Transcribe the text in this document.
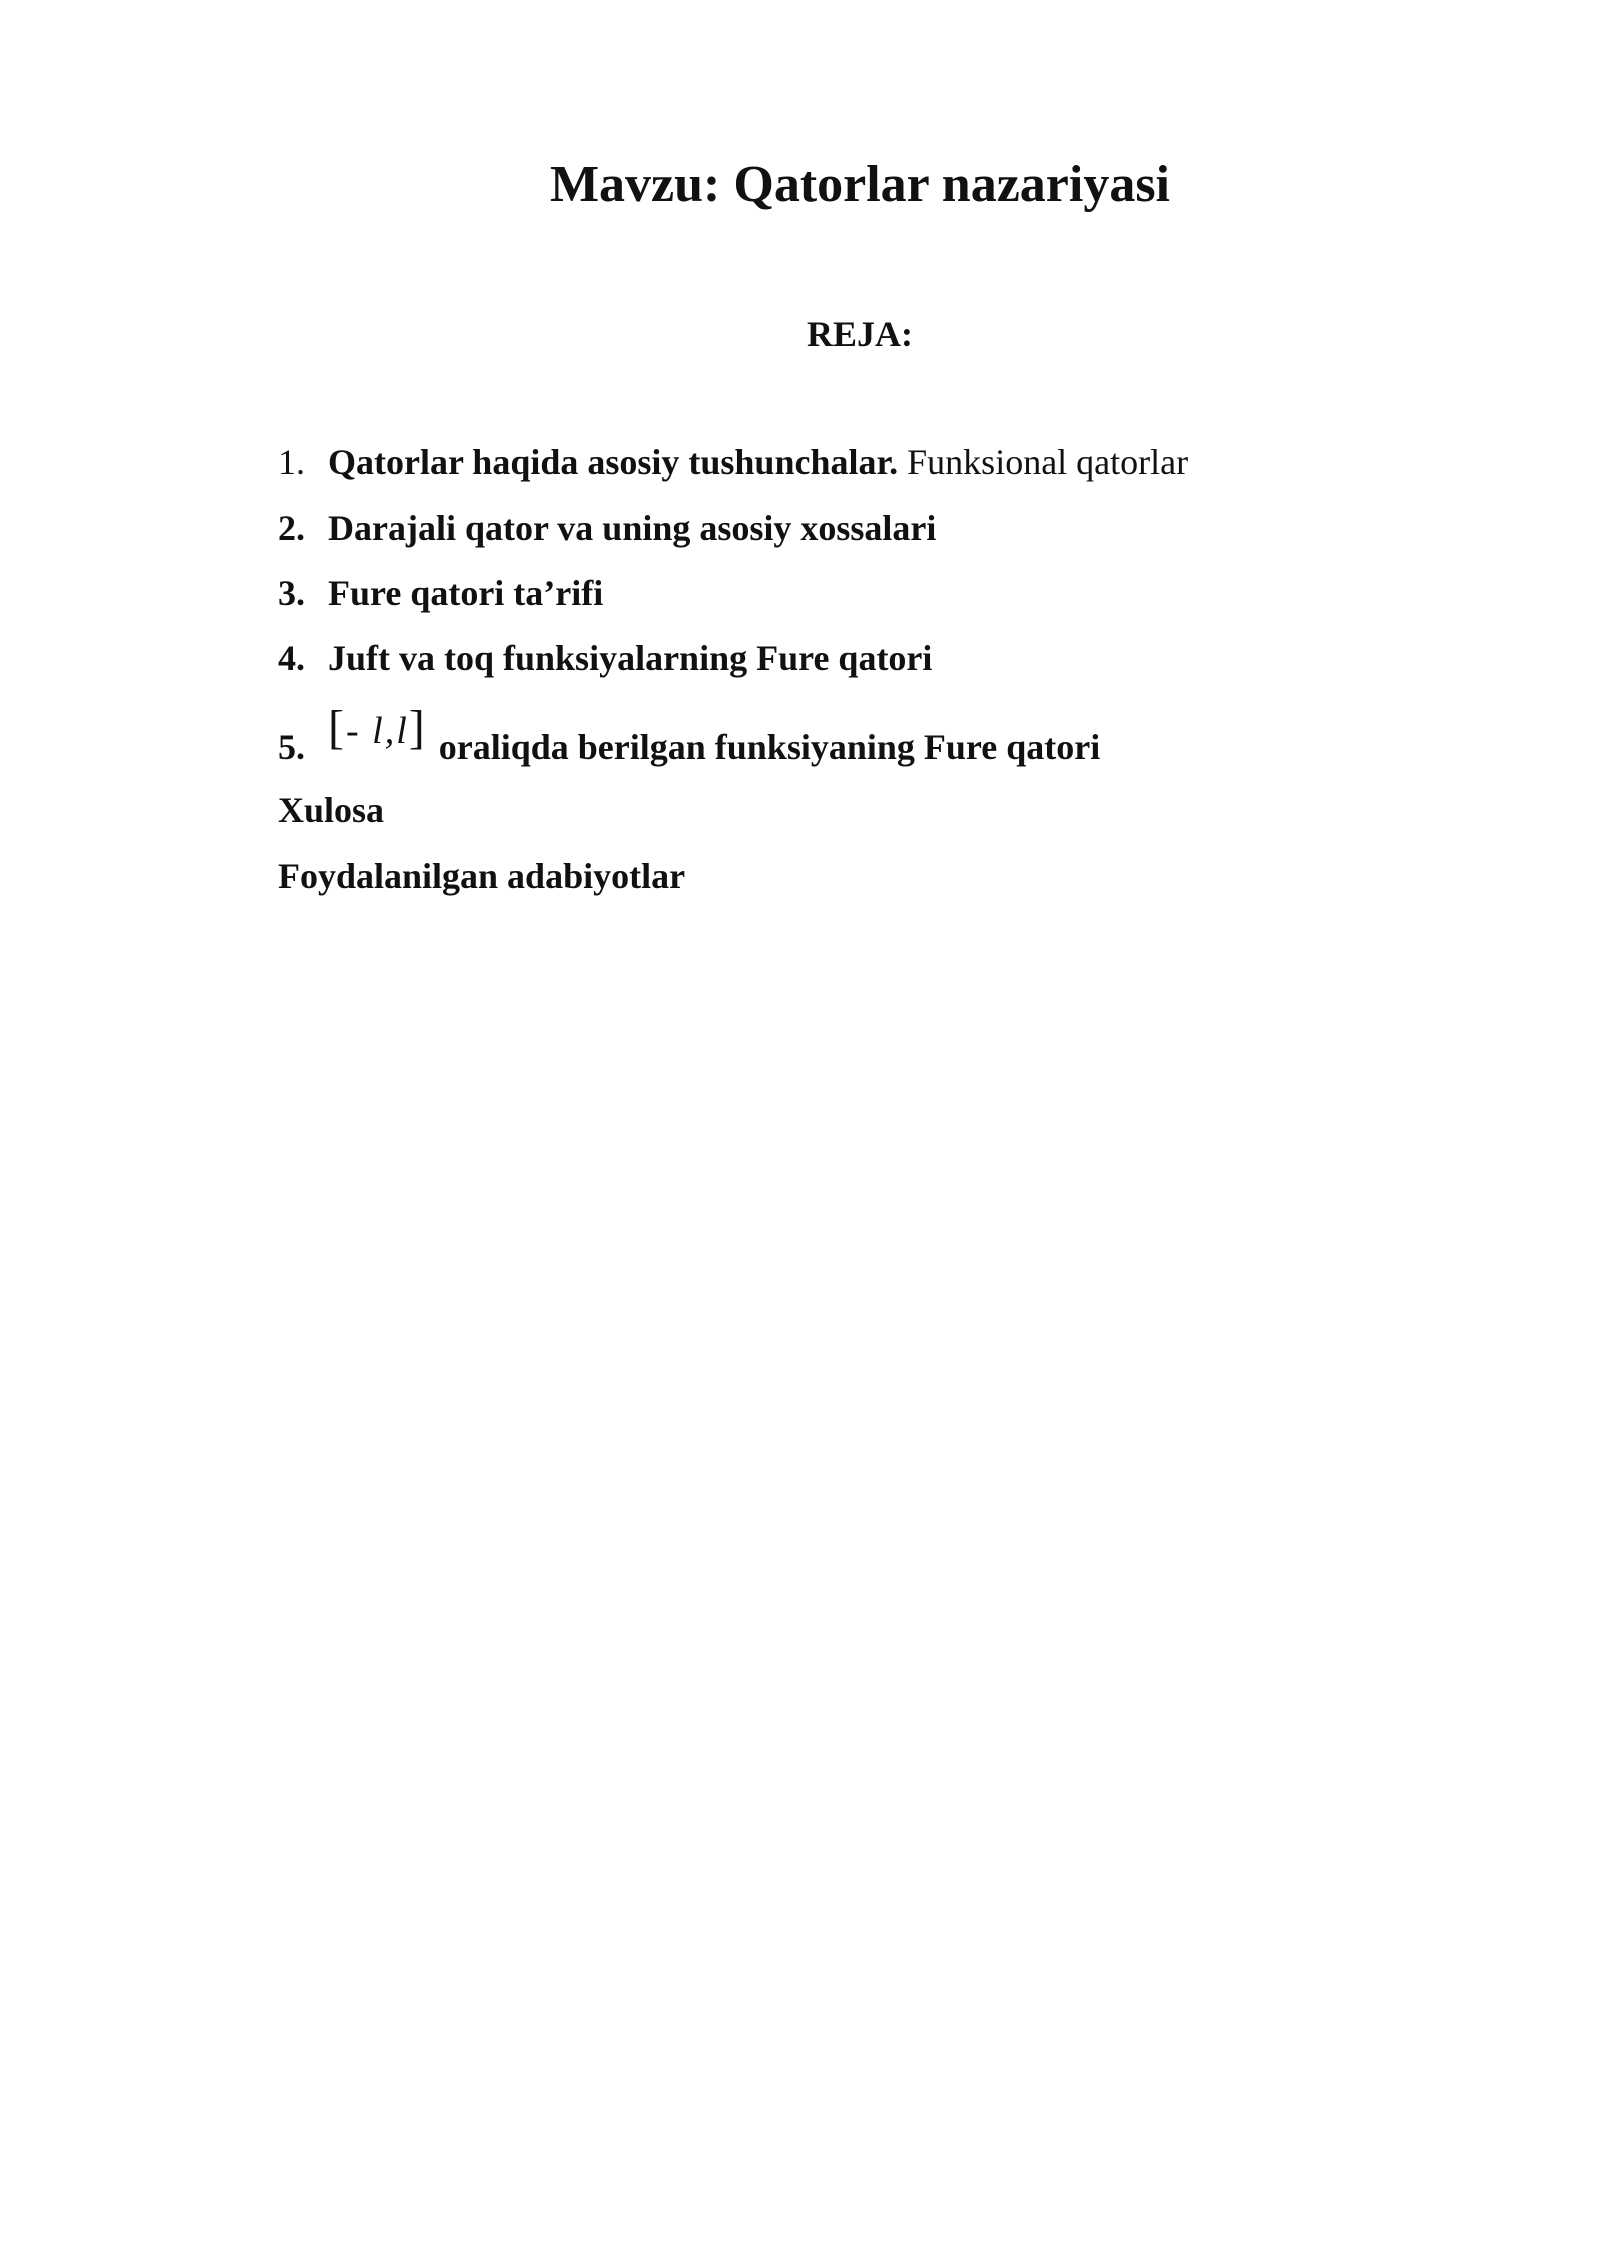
Mavzu: Qatorlar nazariyasi
REJA:
1. Qatorlar haqida asosiy tushunchalar. Funksional qatorlar
2. Darajali qator va uning asosiy xossalari
3. Fure qatori ta’rifi
4. Juft va toq funksiyalarning Fure qatori
5. [- l,l] oraliqda berilgan funksiyaning Fure qatori
Xulosa
Foydalanilgan adabiyotlar
